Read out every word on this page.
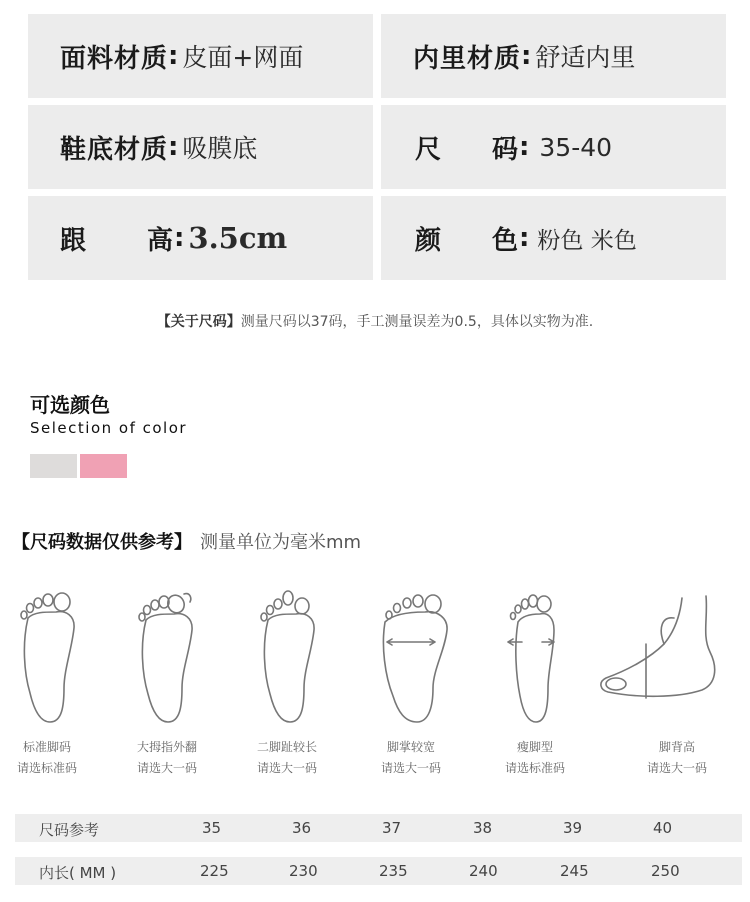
面料材质 : 皮面+网面	内里材质 : 舒适内里
鞋底材质 : 吸膜底	尺 码 : 35-40
跟 高 : 3.5cm	颜 色 : 粉色 米色
【关于尺码】测量尺码以37码，手工测量误差为0.5，具体以实物为准.
可选颜色
Selection of color
【尺码数据仅供参考】 测量单位为毫米mm
标准脚码
请选标准码
大拇指外翻
请选大一码
二脚趾较长
请选大一码
脚掌较宽
请选大一码
瘦脚型
请选标准码
脚背高
请选大一码
尺码参考	35	36	37	38	39	40
内长( MM )	225	230	235	240	245	250
